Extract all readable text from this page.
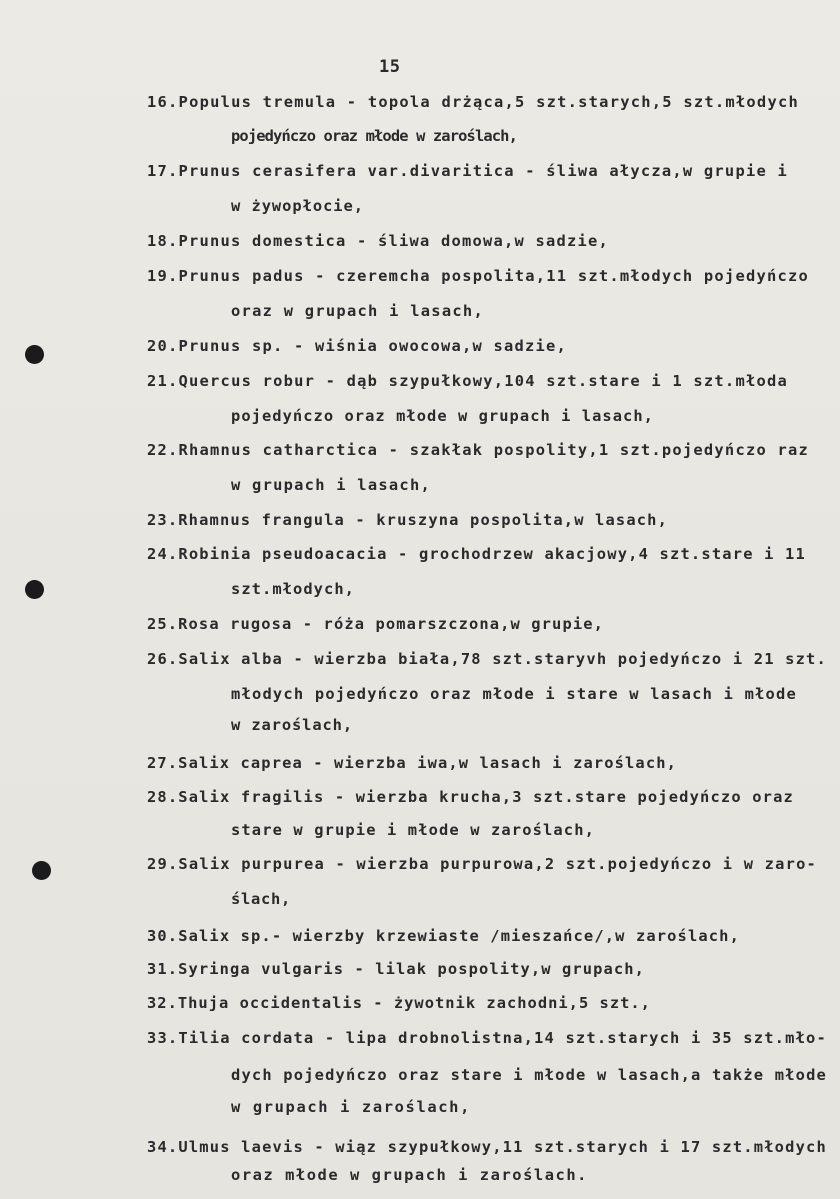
15
16.Populus tremula - topola drżąca,5 szt.starych,5 szt.młodych
pojedyńczo oraz młode w zaroślach,
17.Prunus cerasifera var.divaritica - śliwa ałycza,w grupie i
w żywopłocie,
18.Prunus domestica - śliwa domowa,w sadzie,
19.Prunus padus - czeremcha pospolita,11 szt.młodych pojedyńczo
oraz w grupach i lasach,
20.Prunus sp. - wiśnia owocowa,w sadzie,
21.Quercus robur - dąb szypułkowy,104 szt.stare i 1 szt.młoda
pojedyńczo oraz młode w grupach i lasach,
22.Rhamnus catharctica - szakłak pospolity,1 szt.pojedyńczo raz
w grupach i lasach,
23.Rhamnus frangula - kruszyna pospolita,w lasach,
24.Robinia pseudoacacia - grochodrzew akacjowy,4 szt.stare i 11
szt.młodych,
25.Rosa rugosa - róża pomarszczona,w grupie,
26.Salix alba - wierzba biała,78 szt.staryvh pojedyńczo i 21 szt.
młodych pojedyńczo oraz młode i stare w lasach i młode
w zaroślach,
27.Salix caprea - wierzba iwa,w lasach i zaroślach,
28.Salix fragilis - wierzba krucha,3 szt.stare pojedyńczo oraz
stare w grupie i młode w zaroślach,
29.Salix purpurea - wierzba purpurowa,2 szt.pojedyńczo i w zaro-
ślach,
30.Salix sp.- wierzby krzewiaste /mieszańce/,w zaroślach,
31.Syringa vulgaris - lilak pospolity,w grupach,
32.Thuja occidentalis - żywotnik zachodni,5 szt.,
33.Tilia cordata - lipa drobnolistna,14 szt.starych i 35 szt.mło-
dych pojedyńczo oraz stare i młode w lasach,a także młode
w grupach i zaroślach,
34.Ulmus laevis - wiąz szypułkowy,11 szt.starych i 17 szt.młodych
oraz młode w grupach i zaroślach.
